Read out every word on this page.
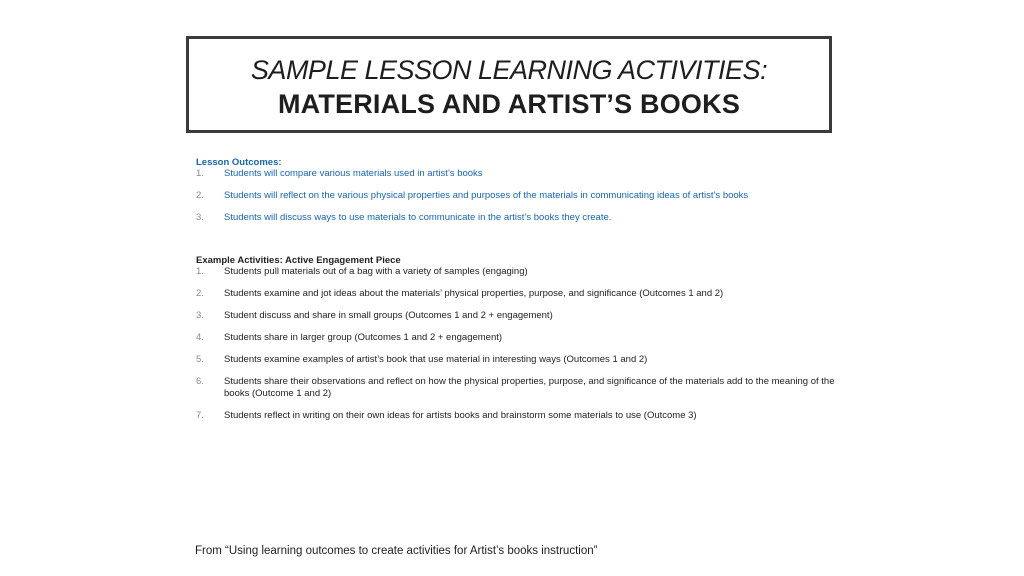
SAMPLE LESSON LEARNING ACTIVITIES:
MATERIALS AND ARTIST’S BOOKS
Lesson Outcomes:
1.	Students will compare various materials used in artist’s books
2.	Students will reflect on the various physical properties and purposes of the materials in communicating ideas of artist’s books
3.	Students will discuss ways to use materials to communicate in the artist’s books they create.
Example Activities: Active Engagement Piece
1.	Students pull materials out of a bag with a variety of samples (engaging)
2.	Students examine and jot ideas about the materials’ physical properties, purpose, and significance (Outcomes 1 and 2)
3.	Student discuss and share in small groups (Outcomes 1 and 2 + engagement)
4.	Students share in larger group (Outcomes 1 and 2 + engagement)
5.	Students examine examples of artist’s book that use material in interesting ways (Outcomes 1 and 2)
6.	Students share their observations and reflect on how the physical properties, purpose, and significance of the materials add to the meaning of the books (Outcome 1 and 2)
7.	Students reflect in writing on their own ideas for artists books and brainstorm some materials to use (Outcome 3)
From “Using learning outcomes to create activities for Artist’s books instruction”
